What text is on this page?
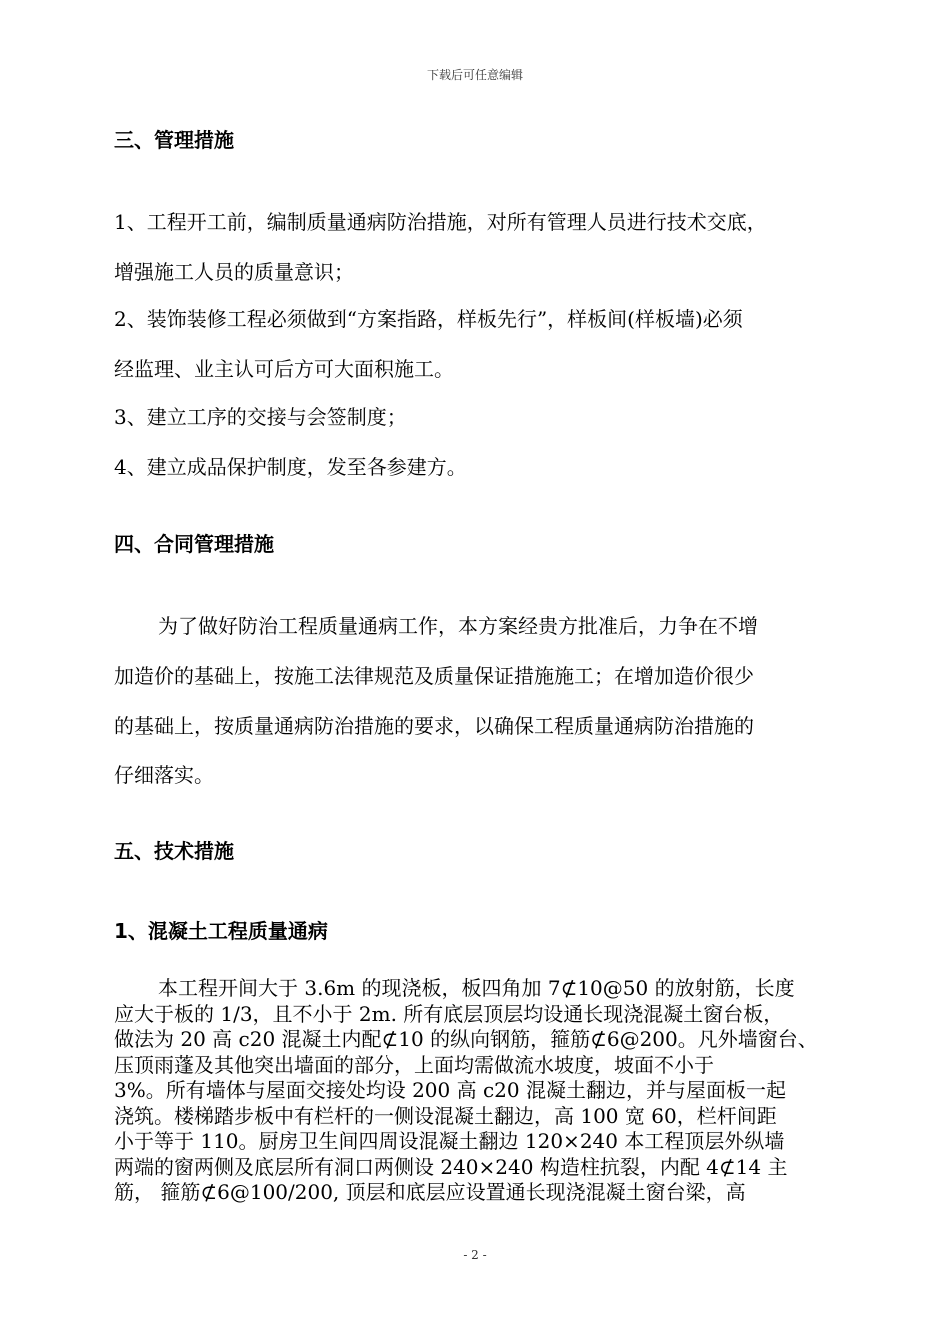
下载后可任意编辑
三、管理措施
1、工程开工前，编制质量通病防治措施，对所有管理人员进行技术交底，
增强施工人员的质量意识；
2、装饰装修工程必须做到“方案指路，样板先行”，样板间(样板墙)必须
经监理、业主认可后方可大面积施工。
3、建立工序的交接与会签制度；
4、建立成品保护制度，发至各参建方。
四、合同管理措施
为了做好防治工程质量通病工作，本方案经贵方批准后，力争在不增
加造价的基础上，按施工法律规范及质量保证措施施工；在增加造价很少
的基础上，按质量通病防治措施的要求，以确保工程质量通病防治措施的
仔细落实。
五、技术措施
1、混凝土工程质量通病
本工程开间大于 3.6m 的现浇板，板四角加 7⊄10@50 的放射筋，长度
应大于板的 1/3，且不小于 2m. 所有底层顶层均设通长现浇混凝土窗台板，
做法为 20 高 c20 混凝土内配⊄10 的纵向钢筋，箍筋⊄6@200。凡外墙窗台、
压顶雨蓬及其他突出墙面的部分，上面均需做流水坡度，坡面不小于
3%。所有墙体与屋面交接处均设 200 高 c20 混凝土翻边，并与屋面板一起
浇筑。楼梯踏步板中有栏杆的一侧设混凝土翻边，高 100 宽 60，栏杆间距
小于等于 110。厨房卫生间四周设混凝土翻边 120×240 本工程顶层外纵墙
两端的窗两侧及底层所有洞口两侧设 240×240 构造柱抗裂，内配 4⊄14 主
筋， 箍筋⊄6@100/200, 顶层和底层应设置通长现浇混凝土窗台梁，高
- 2 -
